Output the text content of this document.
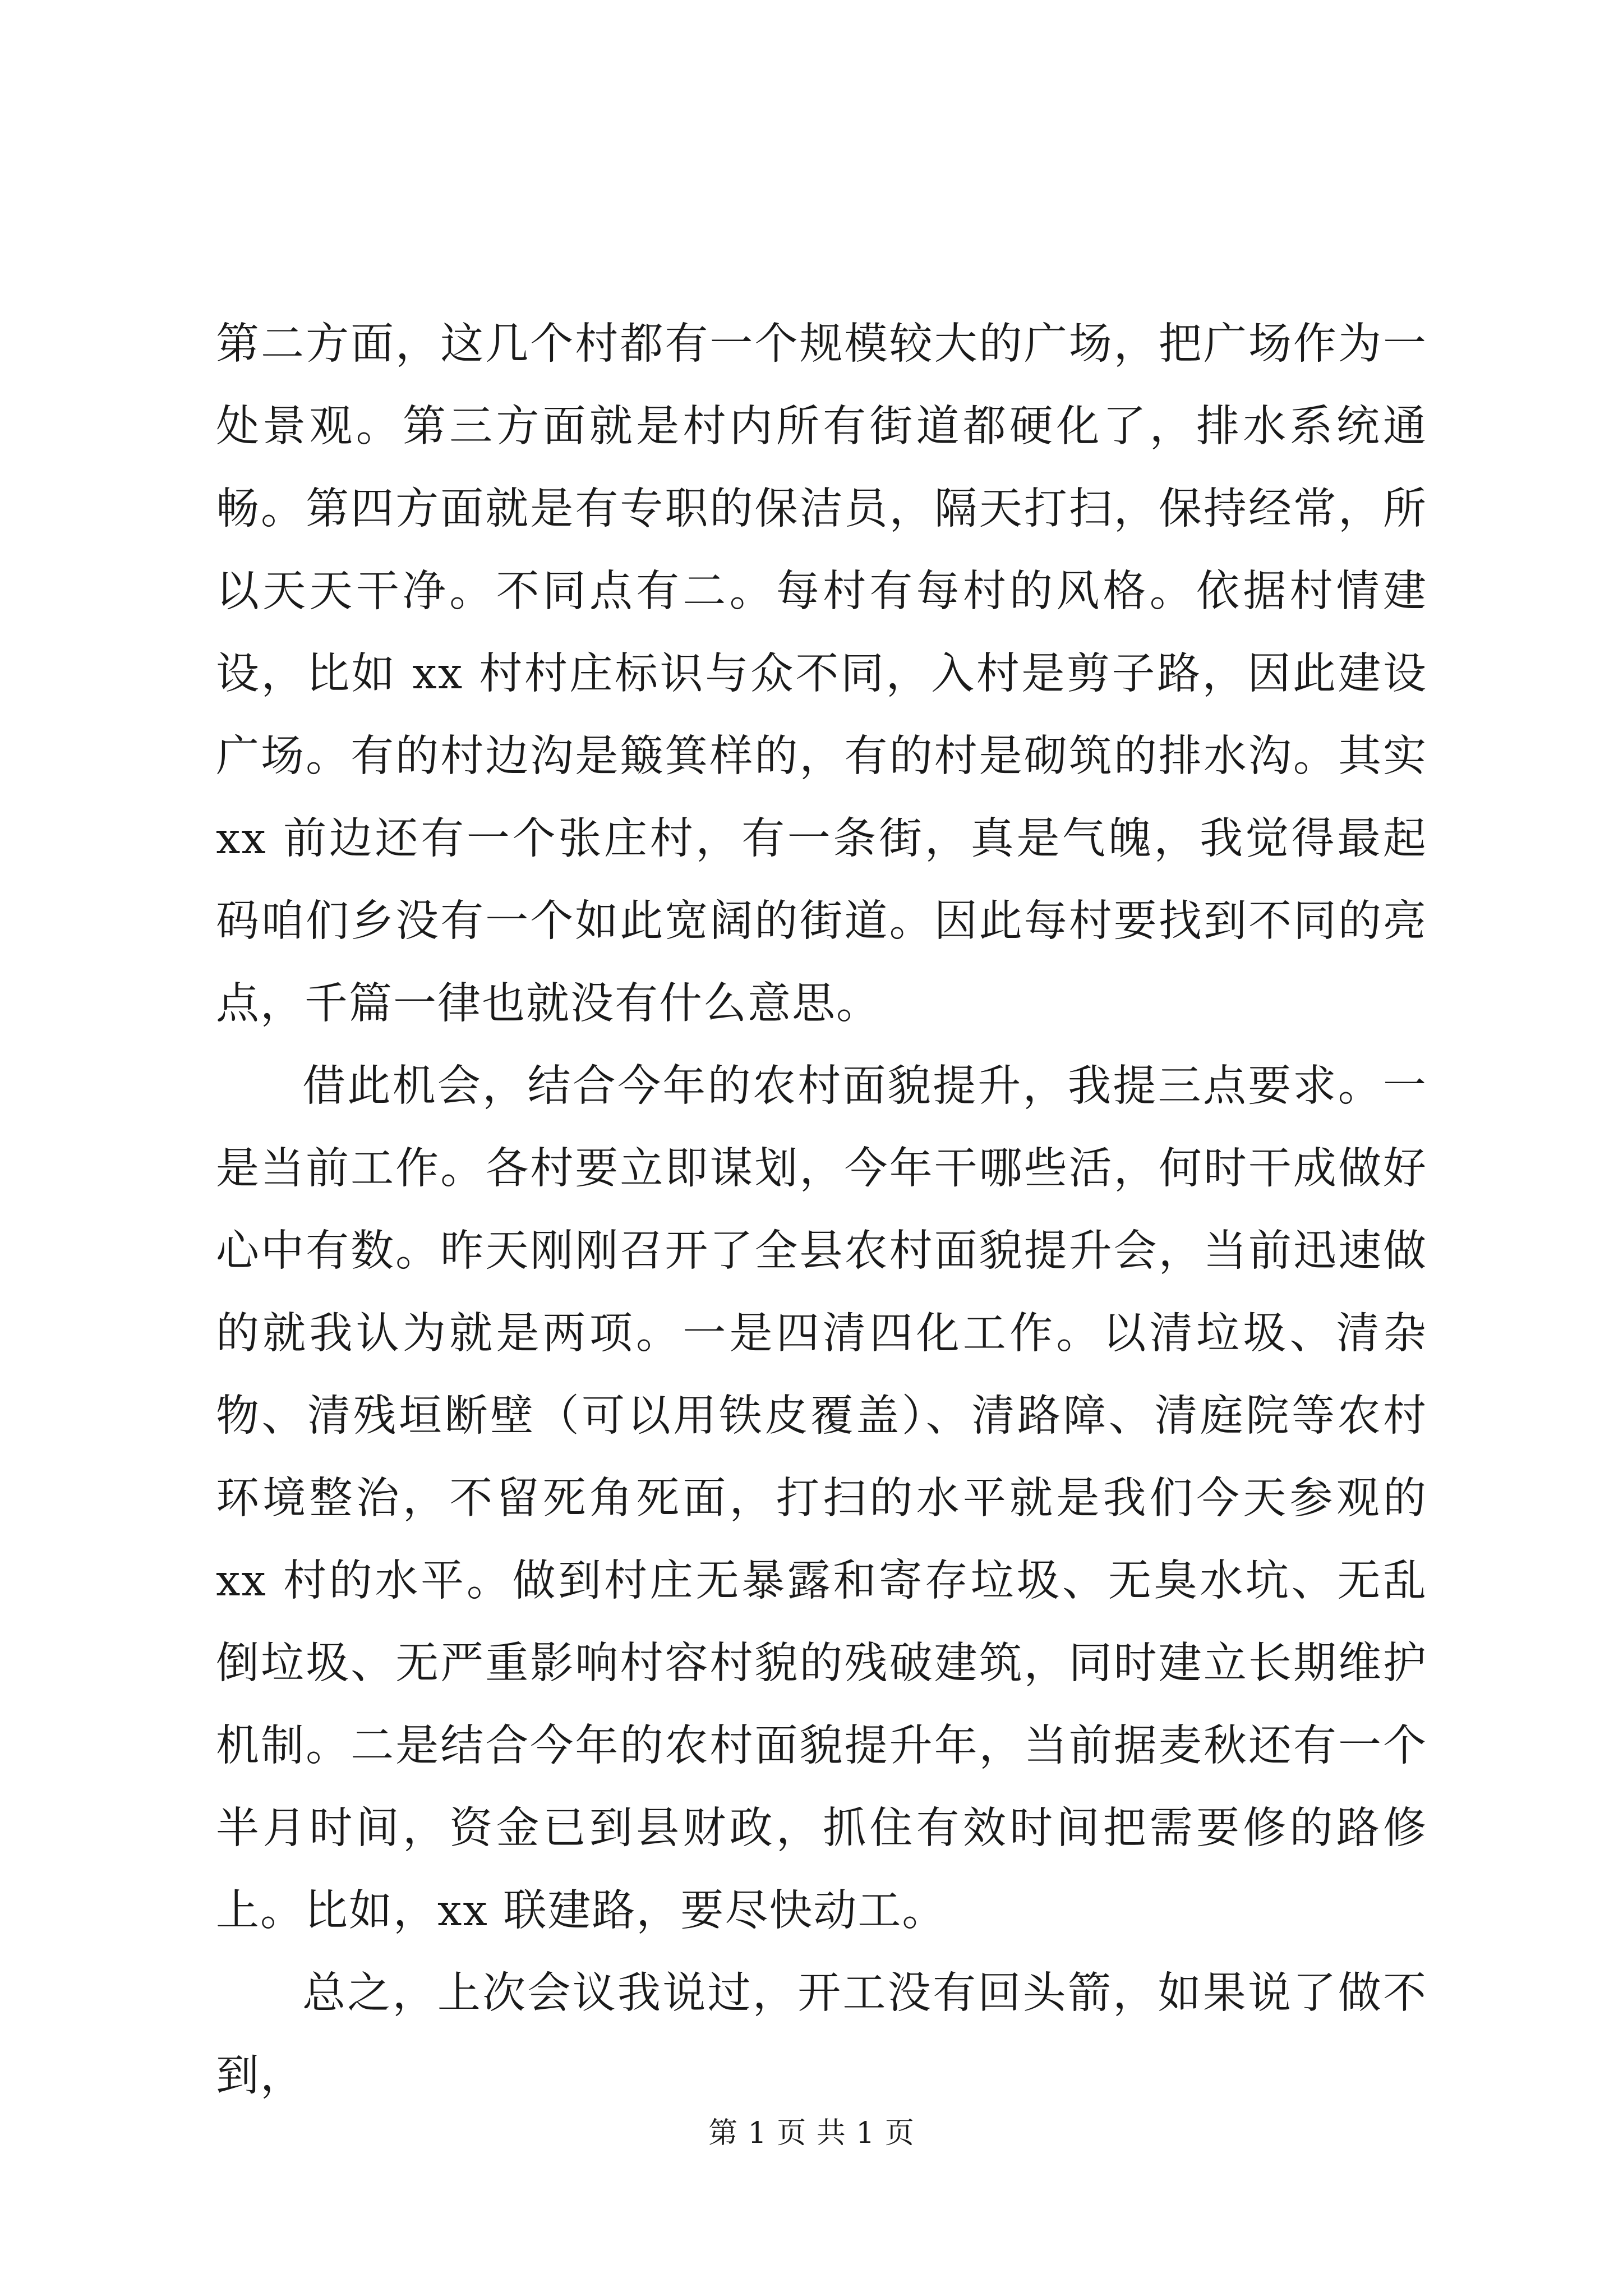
第二方面，这几个村都有一个规模较大的广场，把广场作为一处景观。第三方面就是村内所有街道都硬化了，排水系统通畅。第四方面就是有专职的保洁员，隔天打扫，保持经常，所以天天干净。不同点有二。每村有每村的风格。依据村情建设，比如 xx 村村庄标识与众不同，入村是剪子路，因此建设广场。有的村边沟是簸箕样的，有的村是砌筑的排水沟。其实 xx 前边还有一个张庄村，有一条街，真是气魄，我觉得最起码咱们乡没有一个如此宽阔的街道。因此每村要找到不同的亮点，千篇一律也就没有什么意思。

借此机会，结合今年的农村面貌提升，我提三点要求。一是当前工作。各村要立即谋划，今年干哪些活，何时干成做好心中有数。昨天刚刚召开了全县农村面貌提升会，当前迅速做的就我认为就是两项。一是四清四化工作。以清垃圾、清杂物、清残垣断壁（可以用铁皮覆盖）、清路障、清庭院等农村环境整治，不留死角死面，打扫的水平就是我们今天参观的 xx 村的水平。做到村庄无暴露和寄存垃圾、无臭水坑、无乱倒垃圾、无严重影响村容村貌的残破建筑，同时建立长期维护机制。二是结合今年的农村面貌提升年，当前据麦秋还有一个半月时间，资金已到县财政，抓住有效时间把需要修的路修上。比如，xx 联建路，要尽快动工。

总之，上次会议我说过，开工没有回头箭，如果说了做不到，

第 1 页 共 1 页
